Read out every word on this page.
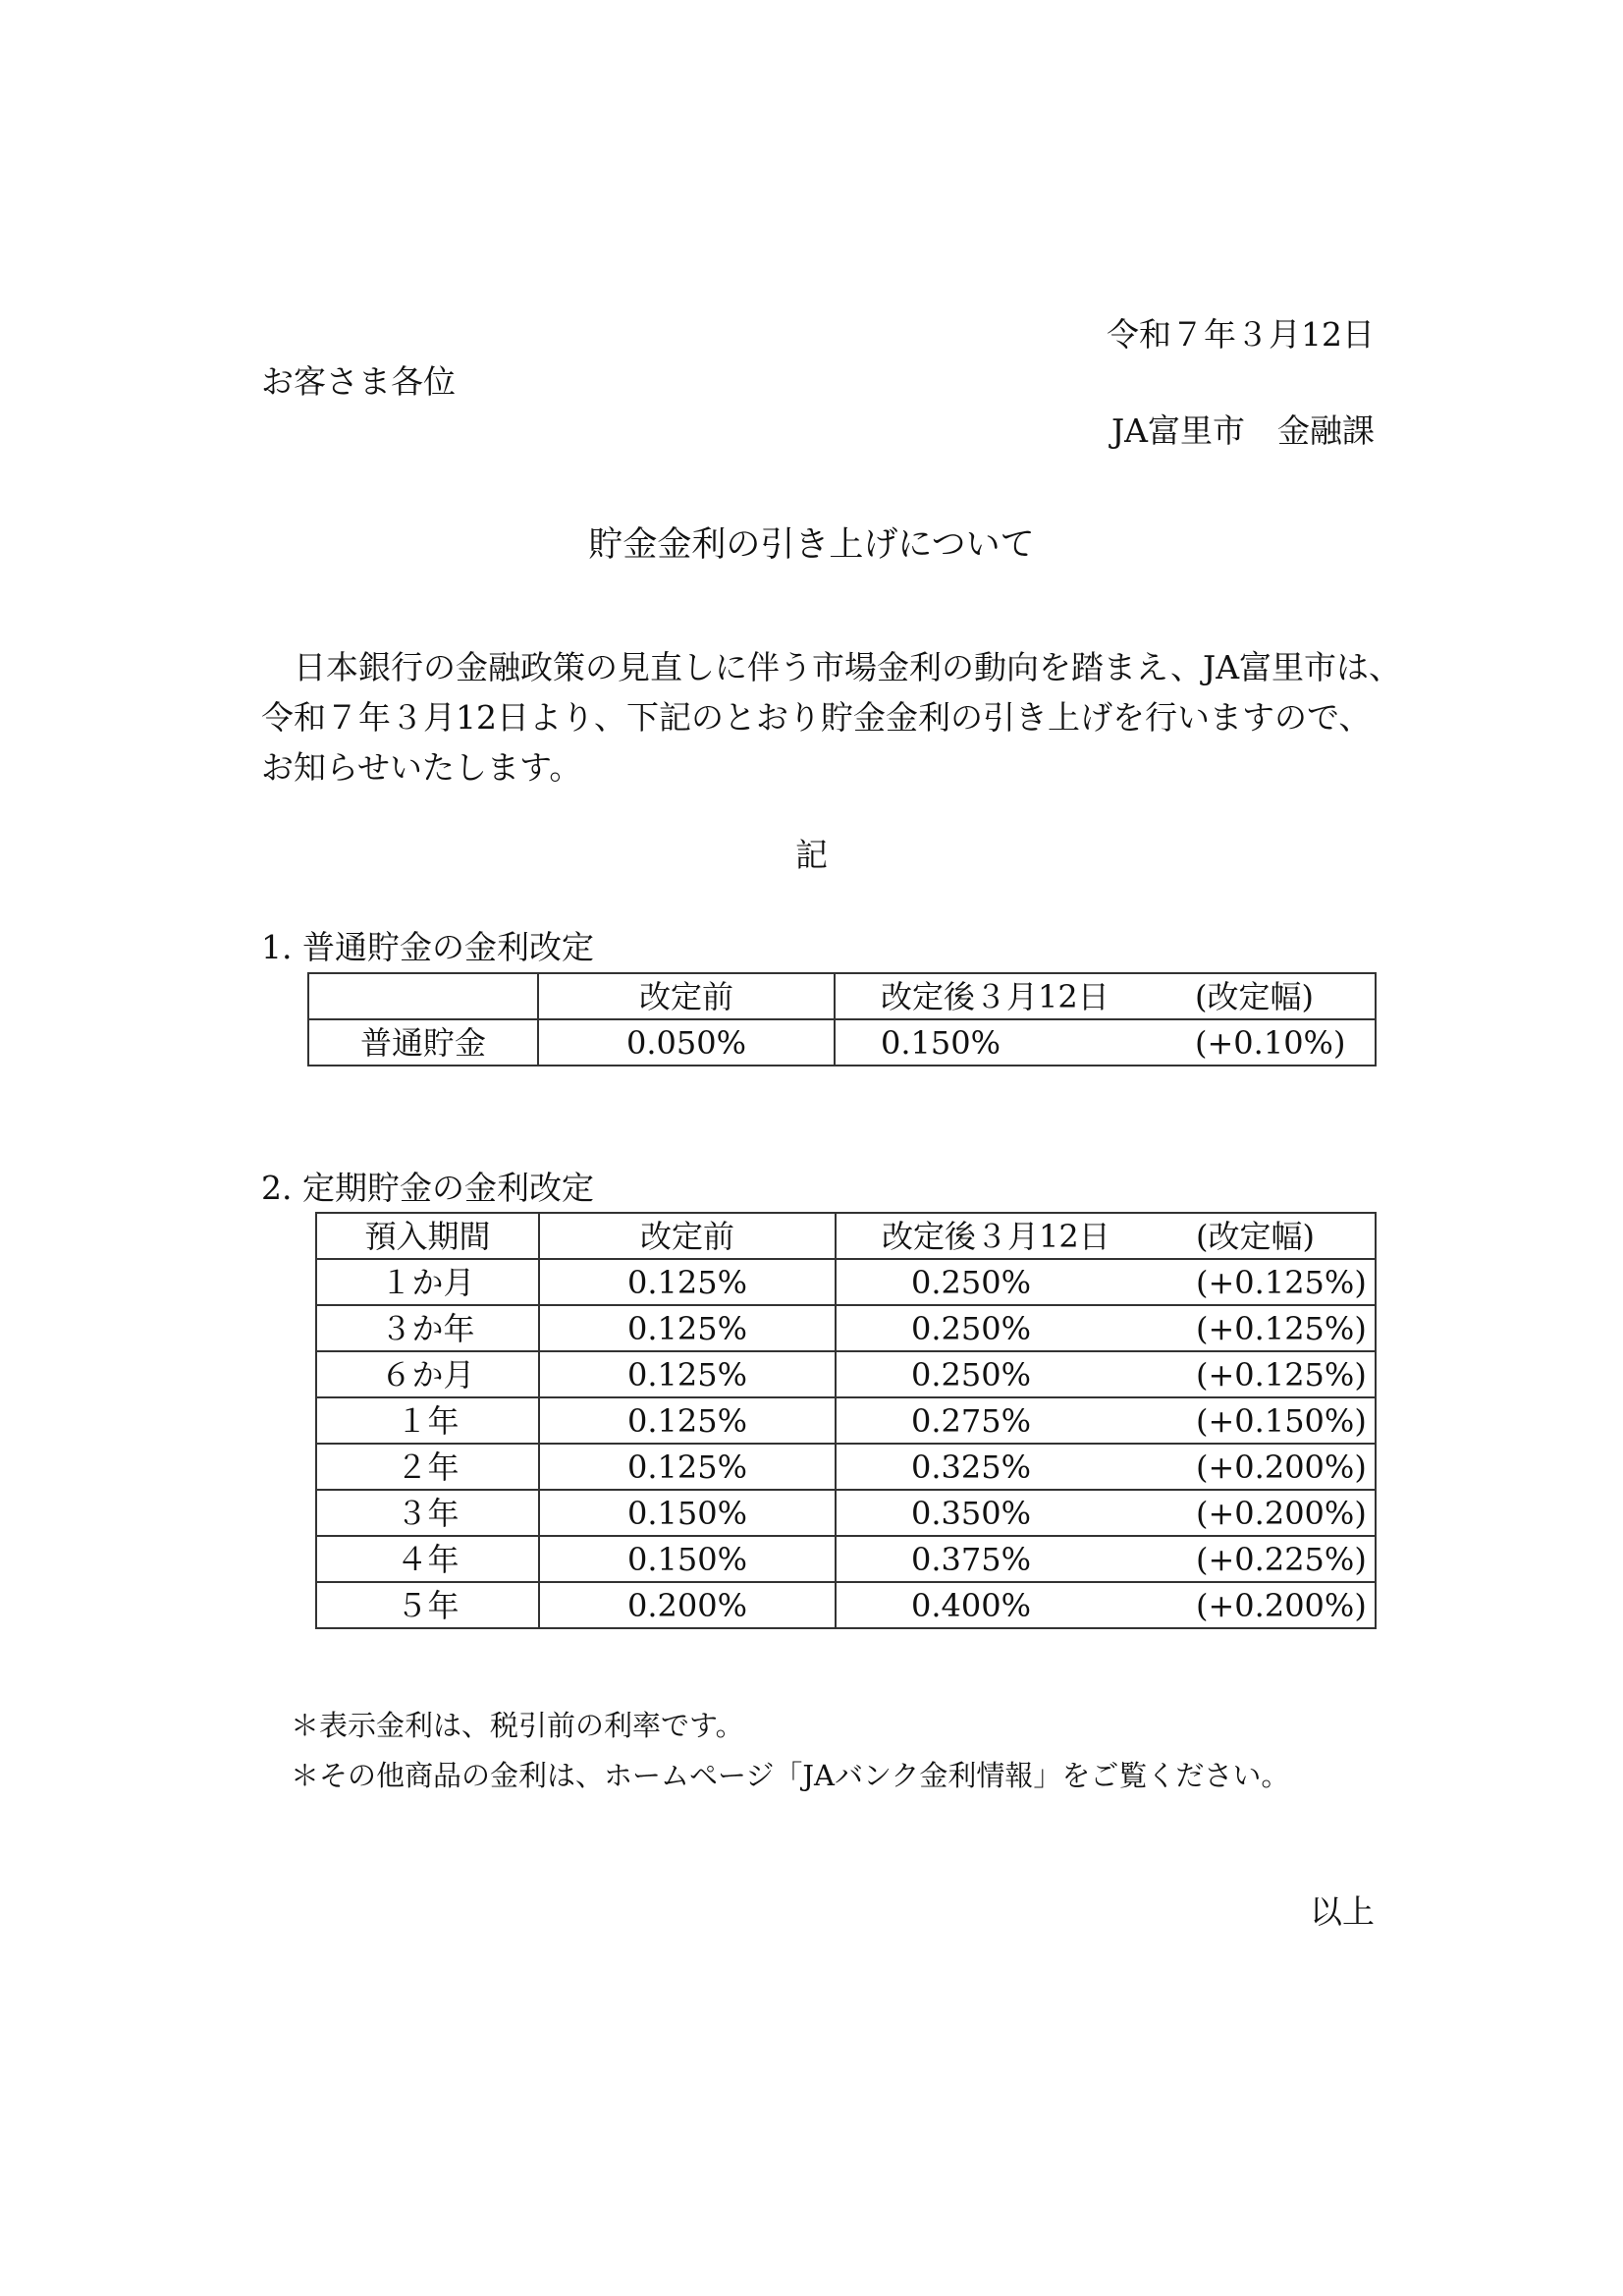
令和７年３月12日
お客さま各位
JA富里市　金融課
貯金金利の引き上げについて
日本銀行の金融政策の見直しに伴う市場金利の動向を踏まえ、JA富里市は、
令和７年３月12日より、下記のとおり貯金金利の引き上げを行いますので、
お知らせいたします。
記
1. 普通貯金の金利改定
	改定前	改定後３月12日 (改定幅)
普通貯金	0.050%	0.150% (+0.10%)
2. 定期貯金の金利改定
預入期間	改定前	改定後３月12日 (改定幅)
１か月	0.125%	0.250% (+0.125%)
３か年	0.125%	0.250% (+0.125%)
６か月	0.125%	0.250% (+0.125%)
１年	0.125%	0.275% (+0.150%)
２年	0.125%	0.325% (+0.200%)
３年	0.150%	0.350% (+0.200%)
４年	0.150%	0.375% (+0.225%)
５年	0.200%	0.400% (+0.200%)
＊表示金利は、税引前の利率です。
＊その他商品の金利は、ホームページ「JAバンク金利情報」をご覧ください。
以上
